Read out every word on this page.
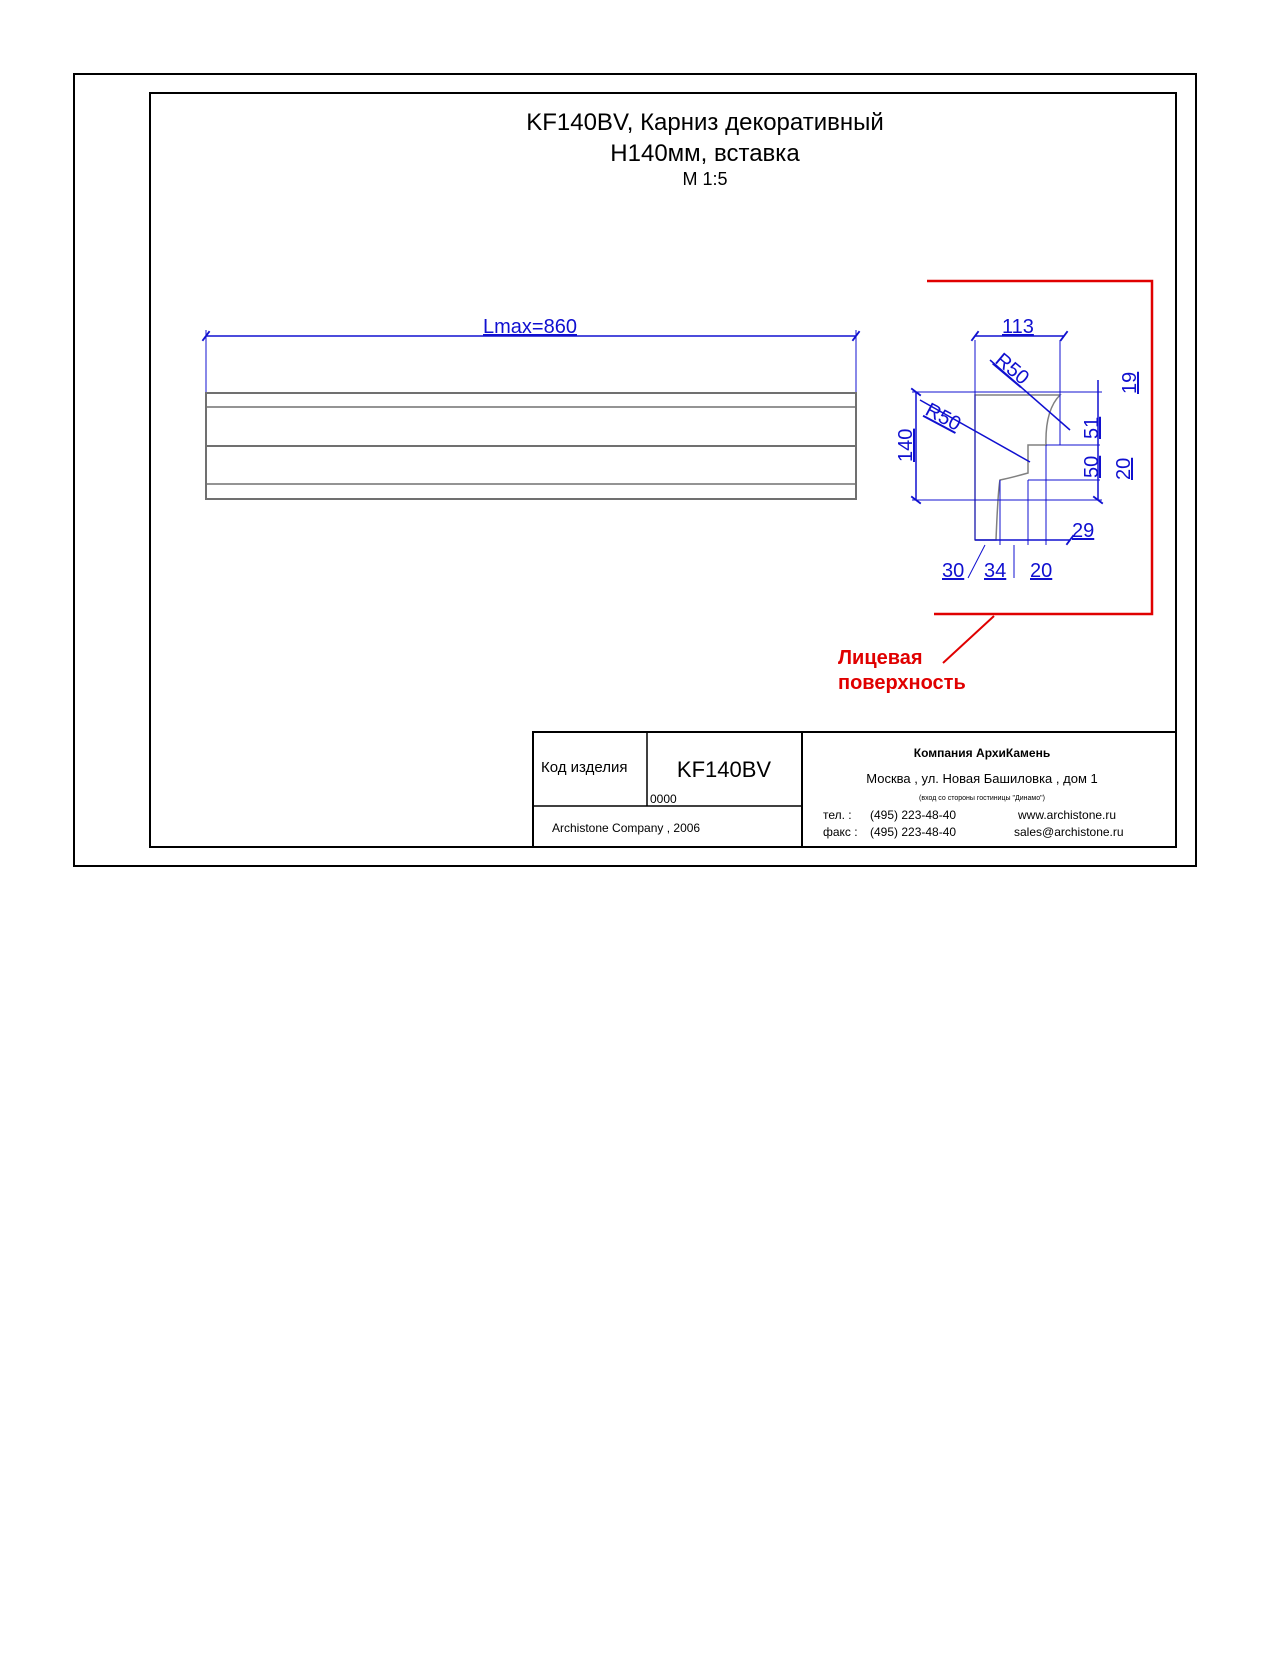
KF140BV, Карниз декоративный
H140мм, вставка
M 1:5
Lmax=860
Лицевая
поверхность
113
R50
R50
140
19
51
50 20
29
30 34 20
Код изделия KF140BV
0000
Archistone Company , 2006
Компания АрхиКамень
Москва , ул. Новая Башиловка , дом 1
(вход со стороны гостиницы "Динамо")
тел. : (495) 223-48-40
факс : (495) 223-48-40
www.archistone.ru
sales@archistone.ru
